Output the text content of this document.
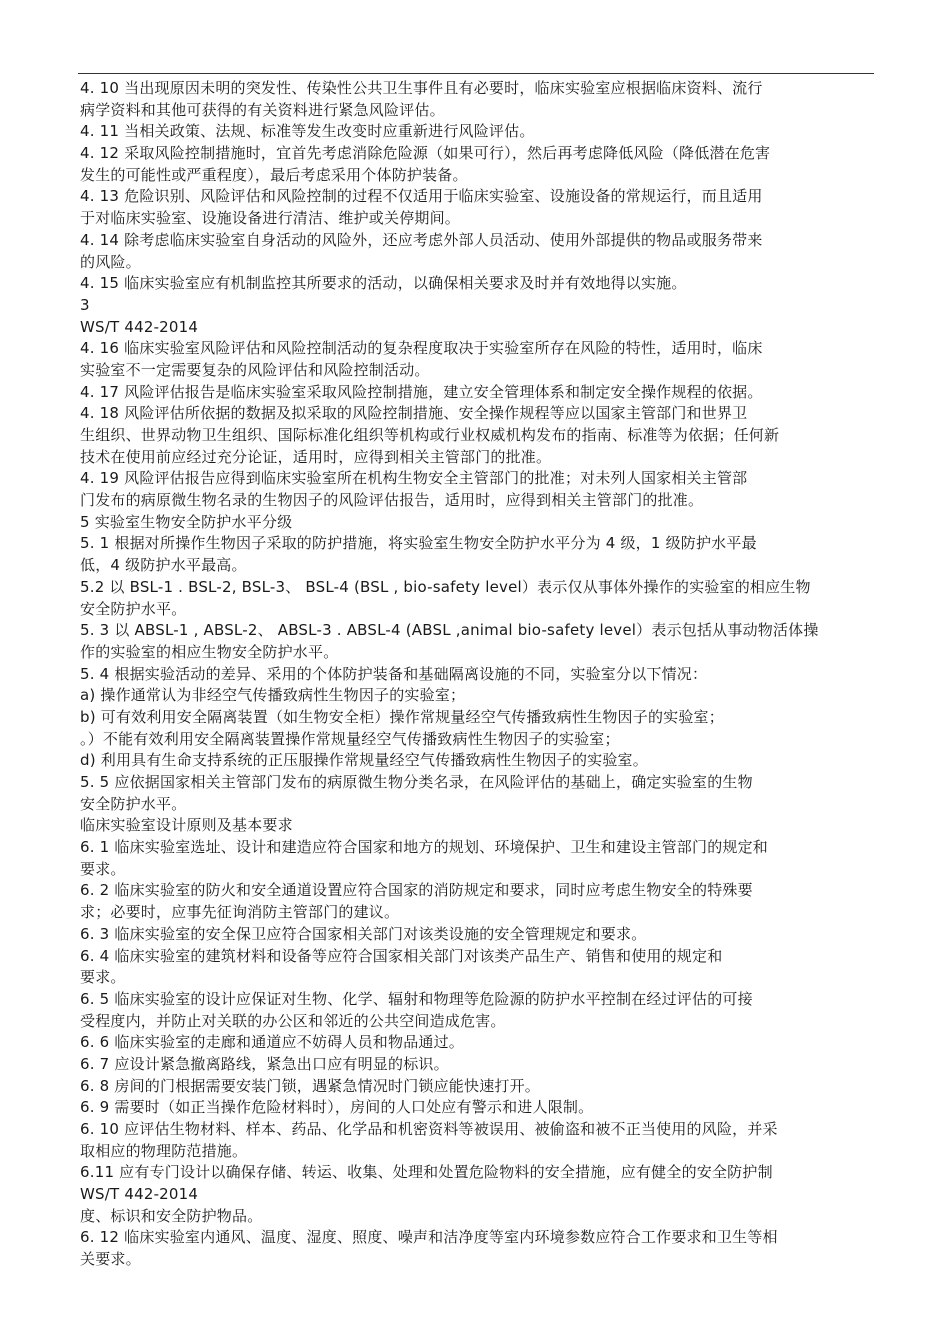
4. 10 当出现原因未明的突发性、传染性公共卫生事件且有必要时，临床实验室应根据临床资料、流行
病学资料和其他可获得的有关资料进行紧急风险评估。
4. 11 当相关政策、法规、标准等发生改变时应重新进行风险评估。
4. 12 采取风险控制措施时，宜首先考虑消除危险源（如果可行），然后再考虑降低风险（降低潜在危害
发生的可能性或严重程度），最后考虑采用个体防护装备。
4. 13 危险识别、风险评估和风险控制的过程不仅适用于临床实验室、设施设备的常规运行，而且适用
于对临床实验室、设施设备进行清洁、维护或关停期间。
4. 14 除考虑临床实验室自身活动的风险外，还应考虑外部人员活动、使用外部提供的物品或服务带来
的风险。
4. 15 临床实验室应有机制监控其所要求的活动，以确保相关要求及时并有效地得以实施。
3
WS/T 442-2014
4. 16 临床实验室风险评估和风险控制活动的复杂程度取决于实验室所存在风险的特性，适用时，临床
实验室不一定需要复杂的风险评估和风险控制活动。
4. 17 风险评估报告是临床实验室采取风险控制措施，建立安全管理体系和制定安全操作规程的依据。
4. 18 风险评估所依据的数据及拟采取的风险控制措施、安全操作规程等应以国家主管部门和世界卫
生组织、世界动物卫生组织、国际标准化组织等机构或行业权威机构发布的指南、标准等为依据；任何新
技术在使用前应经过充分论证，适用时，应得到相关主管部门的批准。
4. 19 风险评估报告应得到临床实验室所在机构生物安全主管部门的批准；对未列人国家相关主管部
门发布的病原微生物名录的生物因子的风险评估报告，适用时，应得到相关主管部门的批准。
5 实验室生物安全防护水平分级
5. 1 根据对所操作生物因子采取的防护措施，将实验室生物安全防护水平分为 4 级，1 级防护水平最
低，4 级防护水平最高。
5.2 以 BSL-1 . BSL-2, BSL-3、 BSL-4 (BSL , bio-safety level）表示仅从事体外操作的实验室的相应生物
安全防护水平。
5. 3 以 ABSL-1 , ABSL-2、 ABSL-3 . ABSL-4 (ABSL ,animal bio-safety level）表示包括从事动物活体操
作的实验室的相应生物安全防护水平。
5. 4 根据实验活动的差异、采用的个体防护装备和基础隔离设施的不同，实验室分以下情况：
a) 操作通常认为非经空气传播致病性生物因子的实验室；
b) 可有效利用安全隔离装置（如生物安全柜）操作常规量经空气传播致病性生物因子的实验室；
。）不能有效利用安全隔离装置操作常规量经空气传播致病性生物因子的实验室；
d) 利用具有生命支持系统的正压服操作常规量经空气传播致病性生物因子的实验室。
5. 5 应依据国家相关主管部门发布的病原微生物分类名录，在风险评估的基础上，确定实验室的生物
安全防护水平。
临床实验室设计原则及基本要求
6. 1 临床实验室选址、设计和建造应符合国家和地方的规划、环境保护、卫生和建设主管部门的规定和
要求。
6. 2 临床实验室的防火和安全通道设置应符合国家的消防规定和要求，同时应考虑生物安全的特殊要
求；必要时，应事先征询消防主管部门的建议。
6. 3 临床实验室的安全保卫应符合国家相关部门对该类设施的安全管理规定和要求。
6. 4 临床实验室的建筑材料和设备等应符合国家相关部门对该类产品生产、销售和使用的规定和
要求。
6. 5 临床实验室的设计应保证对生物、化学、辐射和物理等危险源的防护水平控制在经过评估的可接
受程度内，并防止对关联的办公区和邻近的公共空间造成危害。
6. 6 临床实验室的走廊和通道应不妨碍人员和物品通过。
6. 7 应设计紧急撤离路线，紧急出口应有明显的标识。
6. 8 房间的门根据需要安装门锁，遇紧急情况时门锁应能快速打开。
6. 9 需要时（如正当操作危险材料时），房间的人口处应有警示和进人限制。
6. 10 应评估生物材料、样本、药品、化学品和机密资料等被误用、被偷盗和被不正当使用的风险，并采
取相应的物理防范措施。
6.11 应有专门设计以确保存储、转运、收集、处理和处置危险物料的安全措施，应有健全的安全防护制
WS/T 442-2014
度、标识和安全防护物品。
6. 12 临床实验室内通风、温度、湿度、照度、噪声和洁净度等室内环境参数应符合工作要求和卫生等相
关要求。
